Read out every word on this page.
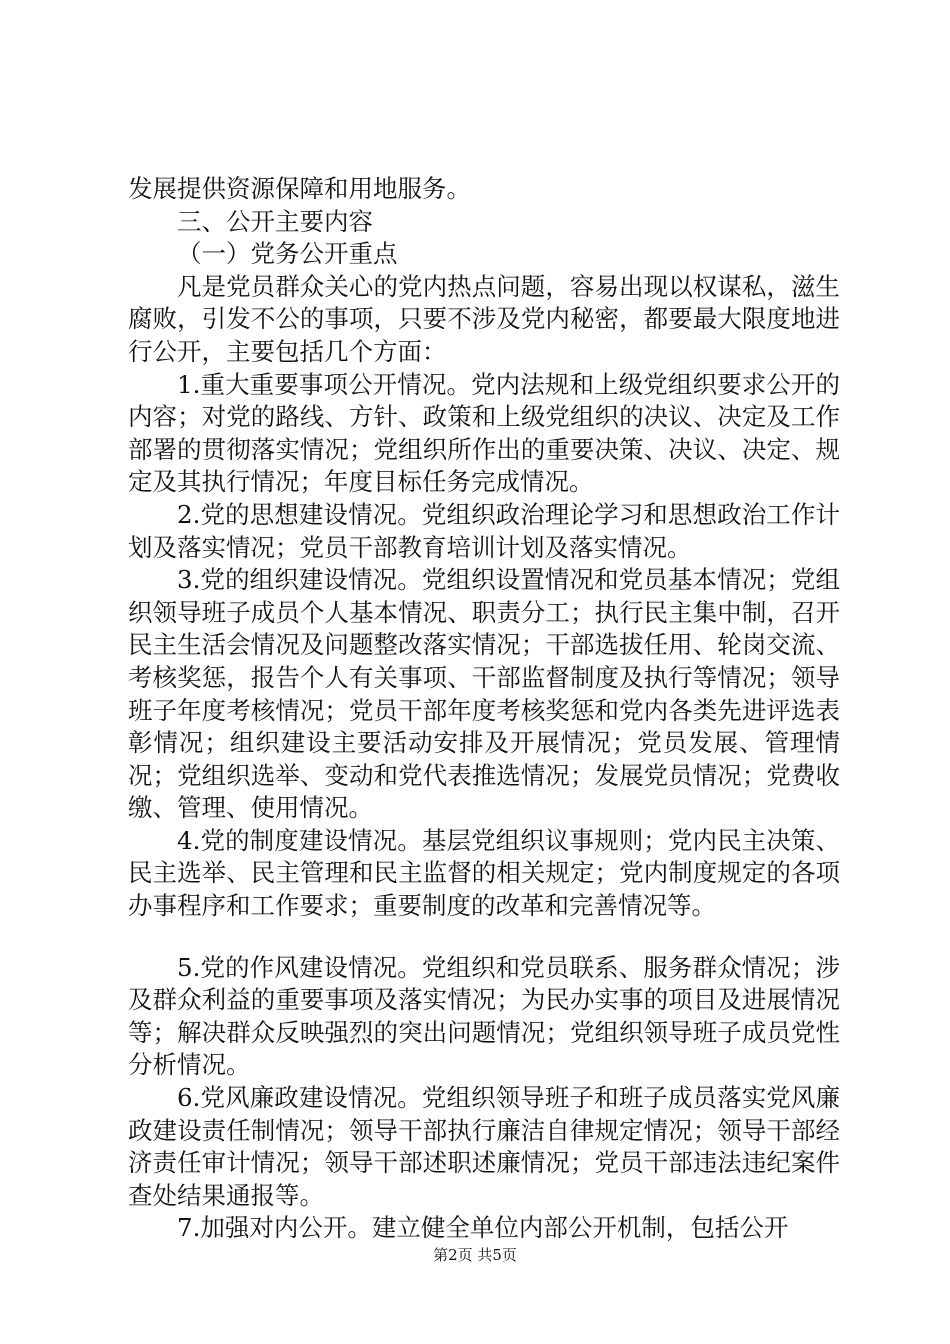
发展提供资源保障和用地服务。

三、公开主要内容

（一）党务公开重点

凡是党员群众关心的党内热点问题，容易出现以权谋私，滋生腐败，引发不公的事项，只要不涉及党内秘密，都要最大限度地进行公开，主要包括几个方面：

1.重大重要事项公开情况。党内法规和上级党组织要求公开的内容；对党的路线、方针、政策和上级党组织的决议、决定及工作部署的贯彻落实情况；党组织所作出的重要决策、决议、决定、规定及其执行情况；年度目标任务完成情况。

2.党的思想建设情况。党组织政治理论学习和思想政治工作计划及落实情况；党员干部教育培训计划及落实情况。

3.党的组织建设情况。党组织设置情况和党员基本情况；党组织领导班子成员个人基本情况、职责分工；执行民主集中制，召开民主生活会情况及问题整改落实情况；干部选拔任用、轮岗交流、考核奖惩，报告个人有关事项、干部监督制度及执行等情况；领导班子年度考核情况；党员干部年度考核奖惩和党内各类先进评选表彰情况；组织建设主要活动安排及开展情况；党员发展、管理情况；党组织选举、变动和党代表推选情况；发展党员情况；党费收缴、管理、使用情况。

4.党的制度建设情况。基层党组织议事规则；党内民主决策、民主选举、民主管理和民主监督的相关规定；党内制度规定的各项办事程序和工作要求；重要制度的改革和完善情况等。

5.党的作风建设情况。党组织和党员联系、服务群众情况；涉及群众利益的重要事项及落实情况；为民办实事的项目及进展情况等；解决群众反映强烈的突出问题情况；党组织领导班子成员党性分析情况。

6.党风廉政建设情况。党组织领导班子和班子成员落实党风廉政建设责任制情况；领导干部执行廉洁自律规定情况；领导干部经济责任审计情况；领导干部述职述廉情况；党员干部违法违纪案件查处结果通报等。

7.加强对内公开。建立健全单位内部公开机制，包括公开

第2页 共5页
